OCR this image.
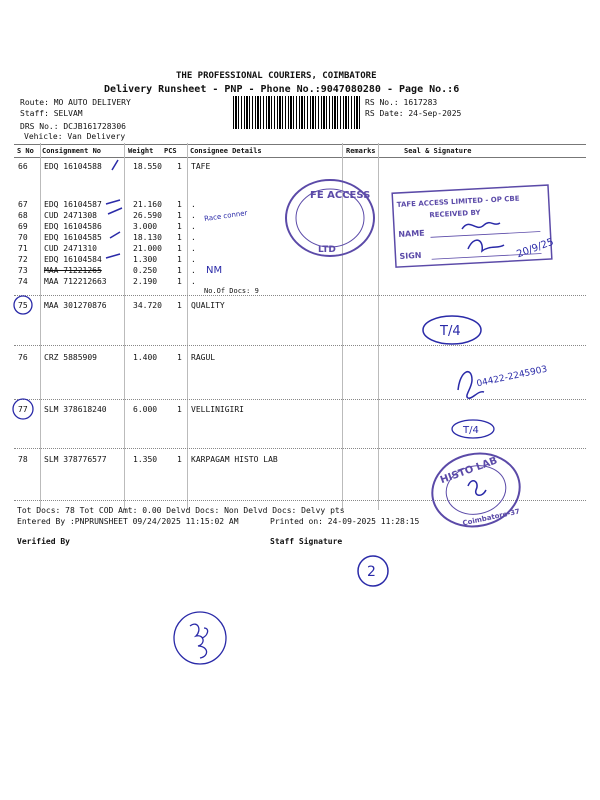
THE PROFESSIONAL COURIERS, COIMBATORE
Delivery Runsheet - PNP - Phone No.:9047080280 - Page No.:6
Route: MO AUTO DELIVERY
Staff: SELVAM
DRS No.: DCJB161728306
Vehicle: Van Delivery
RS No.: 1617283
RS Date: 24-Sep-2025
S No Consignment No	Weight PCS Consignee Details	Remarks	Seal & Signature
66 EDQ 16104588	18.550 1 TAFE
67 EDQ 16104587	21.160 1 .
68 CUD 2471308	26.590 1 .
69 EDQ 16104586	3.000 1 .
70 EDQ 16104585	18.130 1 .
71 CUD 2471310	21.000 1 .
72 EDQ 16104584	1.300 1 .
73 MAA 71221265	0.250 1 .
74 MAA 712212663	2.190 1 .
No.Of Docs: 9
75 MAA 301270876	34.720 1 QUALITY
76 CRZ 5885909	1.400 1 RAGUL
77 SLM 378618240	6.000 1 VELLINIGIRI
78 SLM 378776577	1.350 1 KARPAGAM HISTO LAB
Tot Docs: 78 Tot COD Amt: 0.00 Delvd Docs: Non Delvd Docs: Delvy pts
Entered By :PNPRUNSHEET 09/24/2025 11:15:02 AM	Printed on: 24-09-2025 11:28:15
Verified By	Staff Signature
FE ACCESS
LTD
TAFE ACCESS LIMITED - OP CBE
RECEIVED BY
NAME
SIGN	20/9/25
Race conner
NM
T/4
T/4
04422-2245903
HISTO LAB
Coimbatore-37
2
